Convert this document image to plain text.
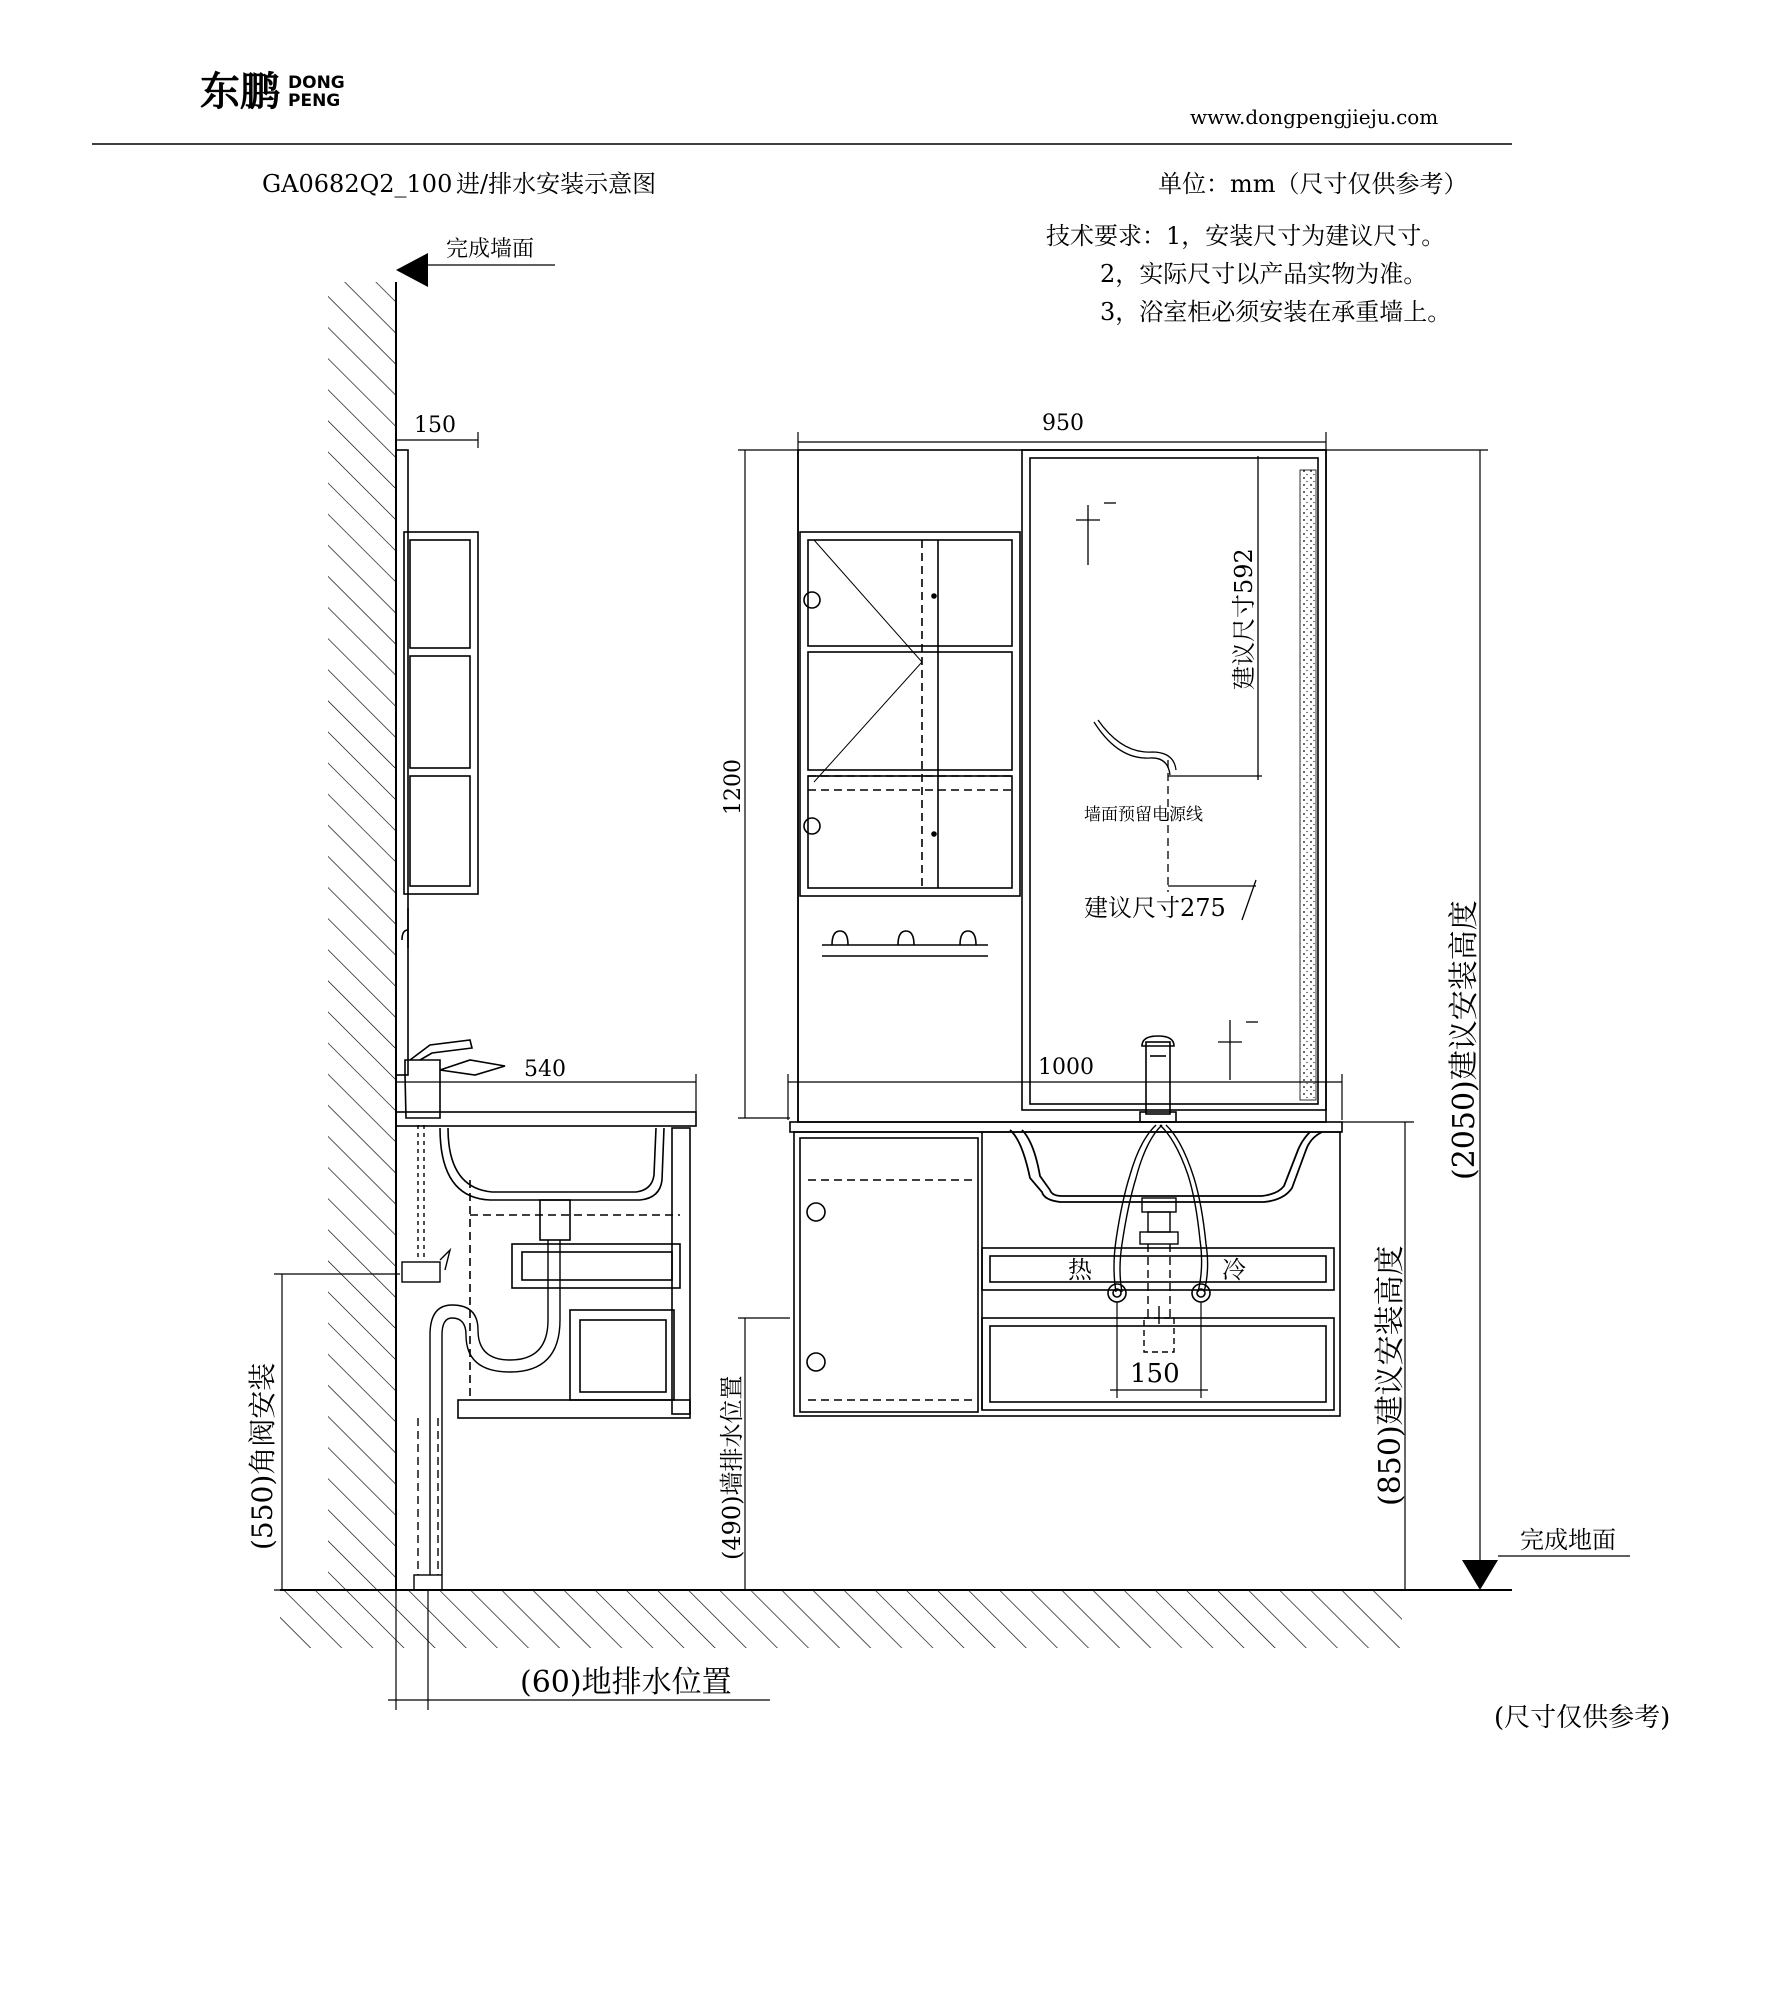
东鹏 DONG
PENG
www.dongpengjieju.com
GA0682Q2_100 进/排水安装示意图	单位：mm（尺寸仅供参考）
技术要求：1，安装尺寸为建议尺寸。
2，实际尺寸以产品实物为准。
3，浴室柜必须安装在承重墙上。
完成墙面
150
540
(550)角阀安装
(60)地排水位置
墙面预留电源线
建议尺寸592
建议尺寸275
950
1200
1000
热	冷
150
(490)墙排水位置	(850)建议安装高度
(2050)建议安装高度
完成地面
(尺寸仅供参考)
